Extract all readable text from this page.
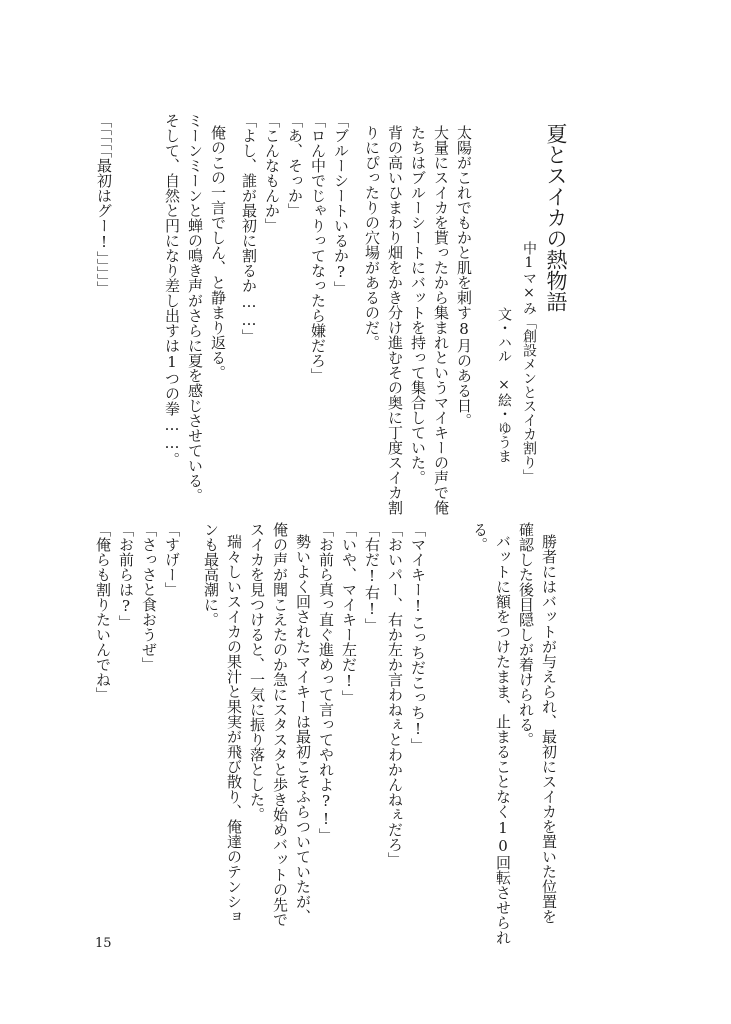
夏とスイカの熱物語
中1マ×み「創設メンとスイカ割り」
文・ハル　×絵・ゆうま
太陽がこれでもかと肌を刺す8月のある日。
大量にスイカを貰ったから集まれというマイキーの声で俺
たちはブルーシートにバットを持って集合していた。
背の高いひまわり畑をかき分け進むその奥に丁度スイカ割
りにぴったりの穴場があるのだ。
「ブルーシートいるか?」
「ロん中でじゃりってなったら嫌だろ」
「あ、そっか」
「こんなもんか」
「よし、誰が最初に割るか……」
俺のこの一言でしん、と静まり返る。
ミーンミーンと蝉の鳴き声がさらに夏を感じさせている。
そして、自然と円になり差し出すは1つの拳……。
「「「「「最初はグー!」」」」」
勝者にはバットが与えられ、最初にスイカを置いた位置を
確認した後目隠しが着けられる。
バットに額をつけたまま、止まることなく10回転させられ
る。
「マイキー!こっちだこっち!」
「おいパー、右か左か言わねぇとわかんねぇだろ」
「右だ!右!」
「いや、マイキー左だ!」
「お前ら真っ直ぐ進めって言ってやれよ?!」
勢いよく回されたマイキーは最初こそふらついていたが、
俺の声が聞こえたのか急にスタスタと歩き始めバットの先で
スイカを見つけると、一気に振り落とした。
瑞々しいスイカの果汁と果実が飛び散り、俺達のテンショ
ンも最高潮に。
「すげー」
「さっさと食おうぜ」
「お前らは?」
「俺らも割りたいんでね」
15
